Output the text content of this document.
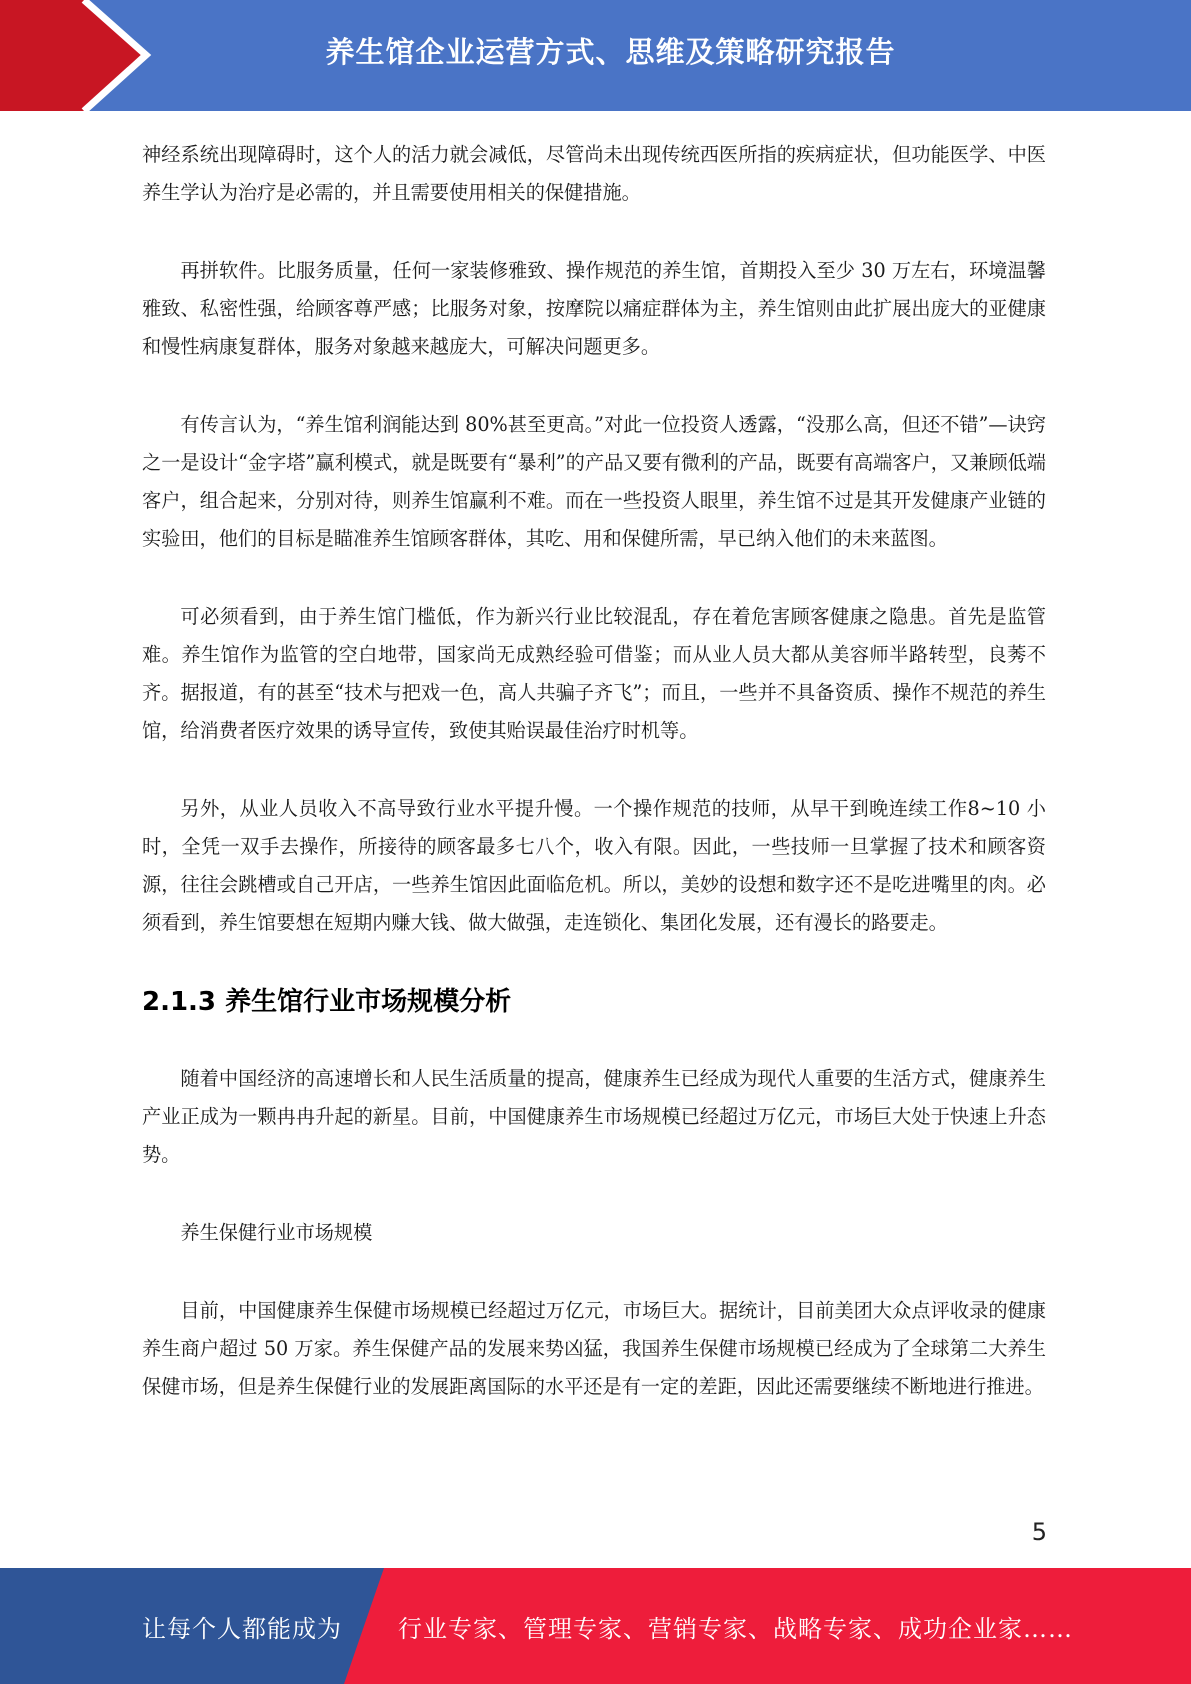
养生馆企业运营方式、思维及策略研究报告

神经系统出现障碍时，这个人的活力就会减低，尽管尚未出现传统西医所指的疾病症状，但功能医学、中医养生学认为治疗是必需的，并且需要使用相关的保健措施。

再拼软件。比服务质量，任何一家装修雅致、操作规范的养生馆，首期投入至少 30 万左右，环境温馨雅致、私密性强，给顾客尊严感；比服务对象，按摩院以痛症群体为主，养生馆则由此扩展出庞大的亚健康和慢性病康复群体，服务对象越来越庞大，可解决问题更多。

有传言认为，“养生馆利润能达到 80%甚至更高。”对此一位投资人透露，“没那么高，但还不错”—诀窍之一是设计“金字塔”赢利模式，就是既要有“暴利”的产品又要有微利的产品，既要有高端客户，又兼顾低端客户，组合起来，分别对待，则养生馆赢利不难。而在一些投资人眼里，养生馆不过是其开发健康产业链的实验田，他们的目标是瞄准养生馆顾客群体，其吃、用和保健所需，早已纳入他们的未来蓝图。

可必须看到，由于养生馆门槛低，作为新兴行业比较混乱，存在着危害顾客健康之隐患。首先是监管难。养生馆作为监管的空白地带，国家尚无成熟经验可借鉴；而从业人员大都从美容师半路转型，良莠不齐。据报道，有的甚至“技术与把戏一色，高人共骗子齐飞”；而且，一些并不具备资质、操作不规范的养生馆，给消费者医疗效果的诱导宣传，致使其贻误最佳治疗时机等。

另外，从业人员收入不高导致行业水平提升慢。一个操作规范的技师，从早干到晚连续工作8~10 小时，全凭一双手去操作，所接待的顾客最多七八个，收入有限。因此，一些技师一旦掌握了技术和顾客资源，往往会跳槽或自己开店，一些养生馆因此面临危机。所以，美妙的设想和数字还不是吃进嘴里的肉。必须看到，养生馆要想在短期内赚大钱、做大做强，走连锁化、集团化发展，还有漫长的路要走。

2.1.3 养生馆行业市场规模分析

随着中国经济的高速增长和人民生活质量的提高，健康养生已经成为现代人重要的生活方式，健康养生产业正成为一颗冉冉升起的新星。目前，中国健康养生市场规模已经超过万亿元，市场巨大处于快速上升态势。

养生保健行业市场规模

目前，中国健康养生保健市场规模已经超过万亿元，市场巨大。据统计，目前美团大众点评收录的健康养生商户超过 50 万家。养生保健产品的发展来势凶猛，我国养生保健市场规模已经成为了全球第二大养生保健市场，但是养生保健行业的发展距离国际的水平还是有一定的差距，因此还需要继续不断地进行推进。

5
让每个人都能成为 行业专家、管理专家、营销专家、战略专家、成功企业家……
